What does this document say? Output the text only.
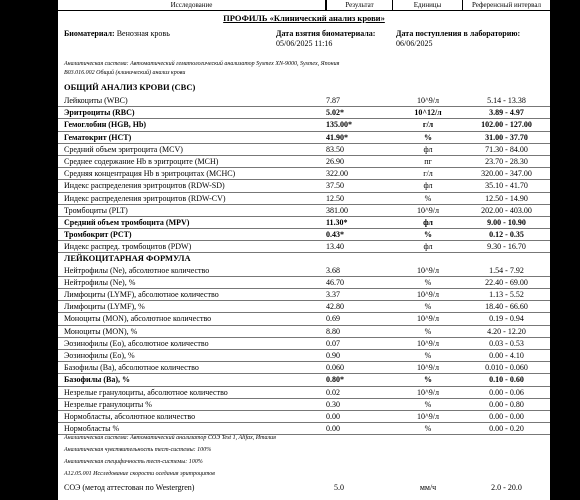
Исследование	Результат	Единицы	Референсный интервал
ПРОФИЛЬ «Клинический анализ крови»
Биоматериал: Венозная кровь	Дата взятия биоматериала:
05/06/2025 11:16
Дата поступления в лабораторию:
06/06/2025
Аналитическая система: Автоматический гематологический анализатор Sysmex XN-9000, Sysmex, Япония
B03.016.002 Общий (клинический) анализ крови
ОБЩИЙ АНАЛИЗ КРОВИ (CBC)
Лейкоциты (WBC)	7.87	10^9/л	5.14 - 13.38
Эритроциты (RBC)	5.02*	10^12/л	3.89 - 4.97
Гемоглобин (HGB, Hb)	135.00*	г/л	102.00 - 127.00
Гематокрит (HCT)	41.90*	%	31.00 - 37.70
Средний объем эритроцита (MCV)	83.50	фл	71.30 - 84.00
Среднее содержание Hb в эритроците (MCH)	26.90	пг	23.70 - 28.30
Средняя концентрация Hb в эритроцитах (MCHC)	322.00	г/л	320.00 - 347.00
Индекс распределения эритроцитов (RDW-SD)	37.50	фл	35.10 - 41.70
Индекс распределения эритроцитов (RDW-CV)	12.50	%	12.50 - 14.90
Тромбоциты (PLT)	381.00	10^9/л	202.00 - 403.00
Средний объем тромбоцита (MPV)	11.30*	фл	9.00 - 10.90
Тромбокрит (PCT)	0.43*	%	0.12 - 0.35
Индекс распред. тромбоцитов (PDW)	13.40	фл	9.30 - 16.70
ЛЕЙКОЦИТАРНАЯ ФОРМУЛА
Нейтрофилы (Ne), абсолютное количество	3.68	10^9/л	1.54 - 7.92
Нейтрофилы (Ne), %	46.70	%	22.40 - 69.00
Лимфоциты (LYMF), абсолютное количество	3.37	10^9/л	1.13 - 5.52
Лимфоциты (LYMF), %	42.80	%	18.40 - 66.60
Моноциты (MON), абсолютное количество	0.69	10^9/л	0.19 - 0.94
Моноциты (MON), %	8.80	%	4.20 - 12.20
Эозинофилы (Eo), абсолютное количество	0.07	10^9/л	0.03 - 0.53
Эозинофилы (Eo), %	0.90	%	0.00 - 4.10
Базофилы (Ba), абсолютное количество	0.060	10^9/л	0.010 - 0.060
Базофилы (Ba), %	0.80*	%	0.10 - 0.60
Незрелые гранулоциты, абсолютное количество	0.02	10^9/л	0.00 - 0.06
Незрелые гранулоциты %	0.30	%	0.00 - 0.80
Нормобласты, абсолютное количество	0.00	10^9/л	0.00 - 0.00
Нормобласты %	0.00	%	0.00 - 0.20
Аналитическая система: Автоматический анализатор СОЭ Test 1, Alifax, Италия
Аналитическая чувствительность тест-системы: 100%
Аналитическая специфичность тест-системы: 100%
A12.05.001 Исследование скорости оседания эритроцитов
СОЭ (метод аттестован по Westergren)	5.0	мм/ч	2.0 - 20.0
